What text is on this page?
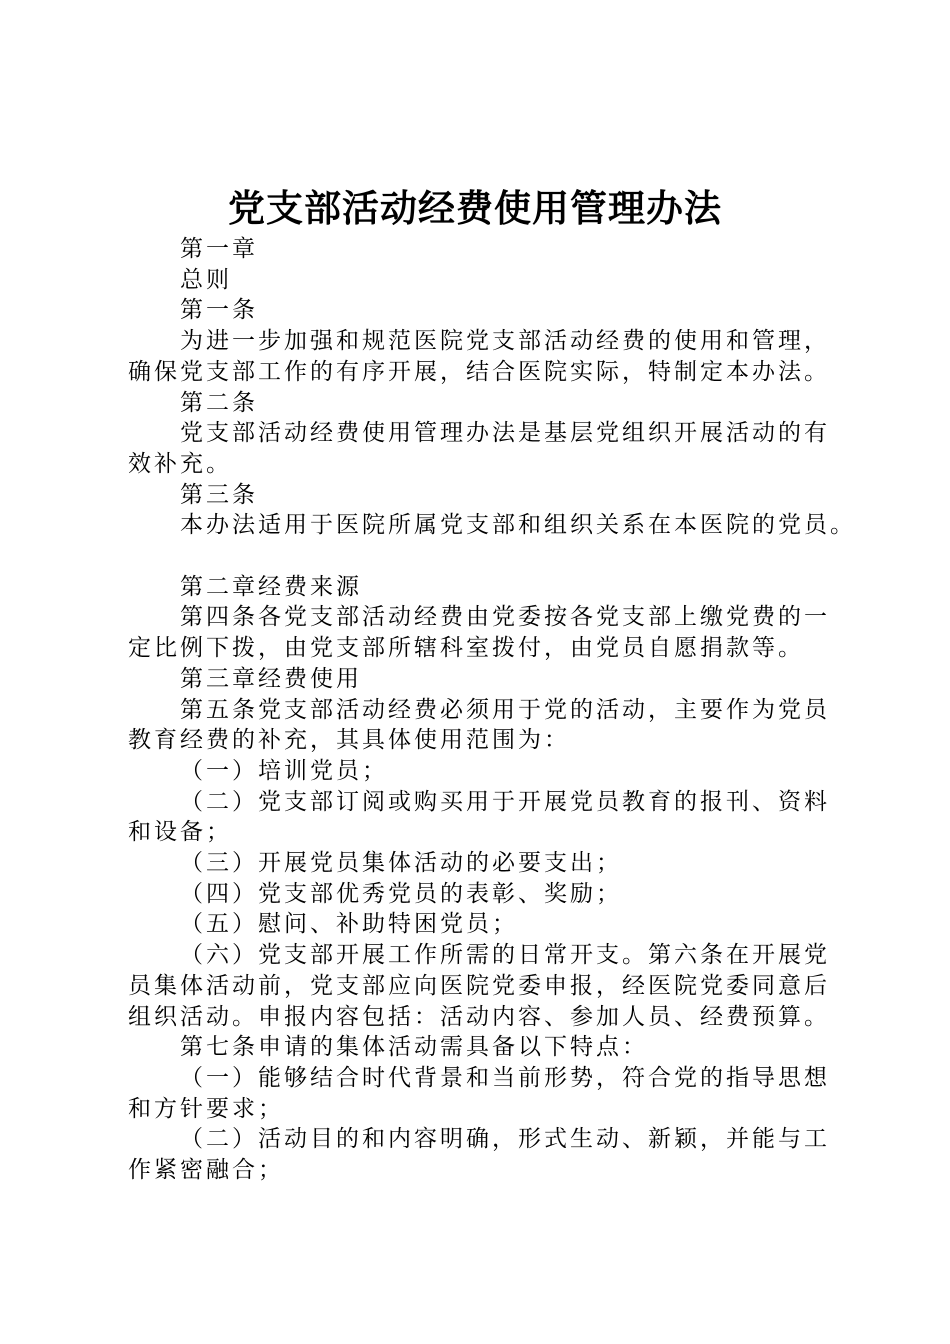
党支部活动经费使用管理办法

第一章

总则

第一条

为进一步加强和规范医院党支部活动经费的使用和管理，

确保党支部工作的有序开展，结合医院实际，特制定本办法。

第二条

党支部活动经费使用管理办法是基层党组织开展活动的有

效补充。

第三条

本办法适用于医院所属党支部和组织关系在本医院的党员。

第二章经费来源

第四条各党支部活动经费由党委按各党支部上缴党费的一

定比例下拨，由党支部所辖科室拨付，由党员自愿捐款等。

第三章经费使用

第五条党支部活动经费必须用于党的活动，主要作为党员

教育经费的补充，其具体使用范围为：

（一）培训党员；

（二）党支部订阅或购买用于开展党员教育的报刊、资料

和设备；

（三）开展党员集体活动的必要支出；

（四）党支部优秀党员的表彰、奖励；

（五）慰问、补助特困党员；

（六）党支部开展工作所需的日常开支。第六条在开展党

员集体活动前，党支部应向医院党委申报，经医院党委同意后

组织活动。申报内容包括：活动内容、参加人员、经费预算。

第七条申请的集体活动需具备以下特点：

（一）能够结合时代背景和当前形势，符合党的指导思想

和方针要求；

（二）活动目的和内容明确，形式生动、新颖，并能与工

作紧密融合；
